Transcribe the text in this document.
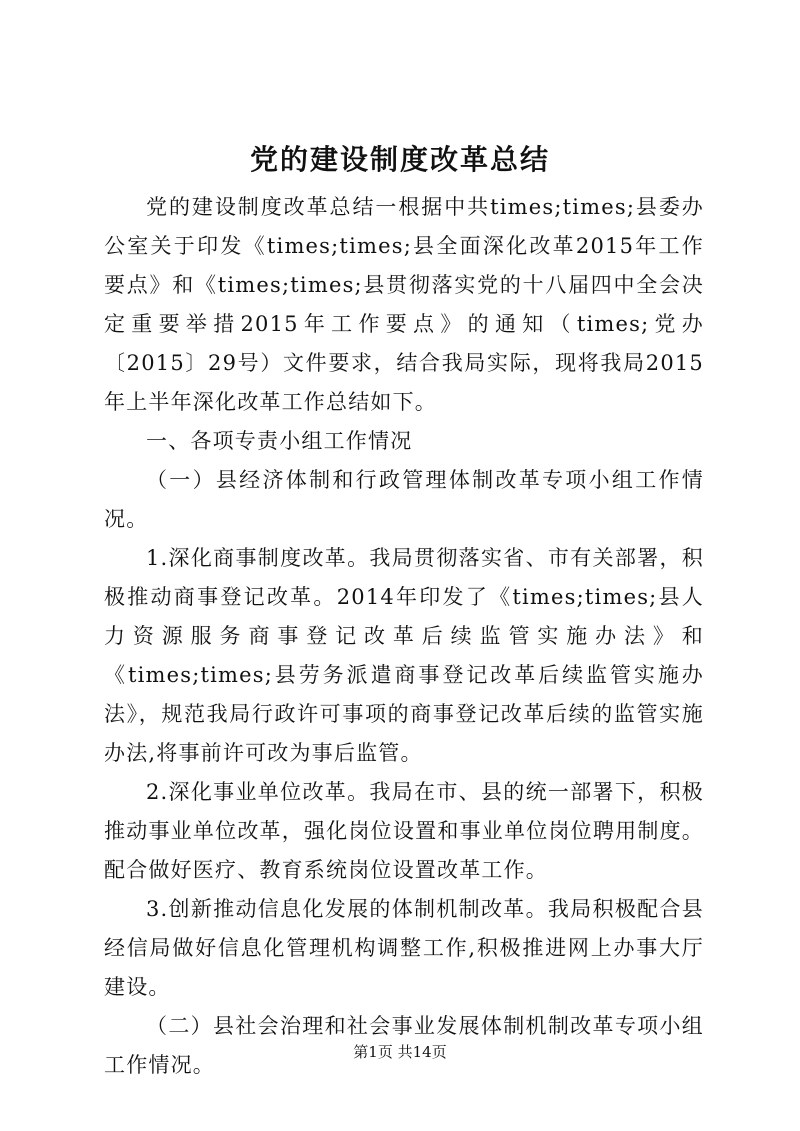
党的建设制度改革总结

党的建设制度改革总结一根据中共times;times;县委办公室关于印发《times;times;县全面深化改革2015年工作要点》和《times;times;县贯彻落实党的十八届四中全会决定重要举措2015年工作要点》的通知（times;党办〔2015〕29号）文件要求，结合我局实际，现将我局2015年上半年深化改革工作总结如下。

一、各项专责小组工作情况

（一）县经济体制和行政管理体制改革专项小组工作情况。

1.深化商事制度改革。我局贯彻落实省、市有关部署，积极推动商事登记改革。2014年印发了《times;times;县人力资源服务商事登记改革后续监管实施办法》和《times;times;县劳务派遣商事登记改革后续监管实施办法》，规范我局行政许可事项的商事登记改革后续的监管实施办法,将事前许可改为事后监管。

2.深化事业单位改革。我局在市、县的统一部署下，积极推动事业单位改革，强化岗位设置和事业单位岗位聘用制度。配合做好医疗、教育系统岗位设置改革工作。

3.创新推动信息化发展的体制机制改革。我局积极配合县经信局做好信息化管理机构调整工作,积极推进网上办事大厅建设。

（二）县社会治理和社会事业发展体制机制改革专项小组工作情况。

第1页 共14页
